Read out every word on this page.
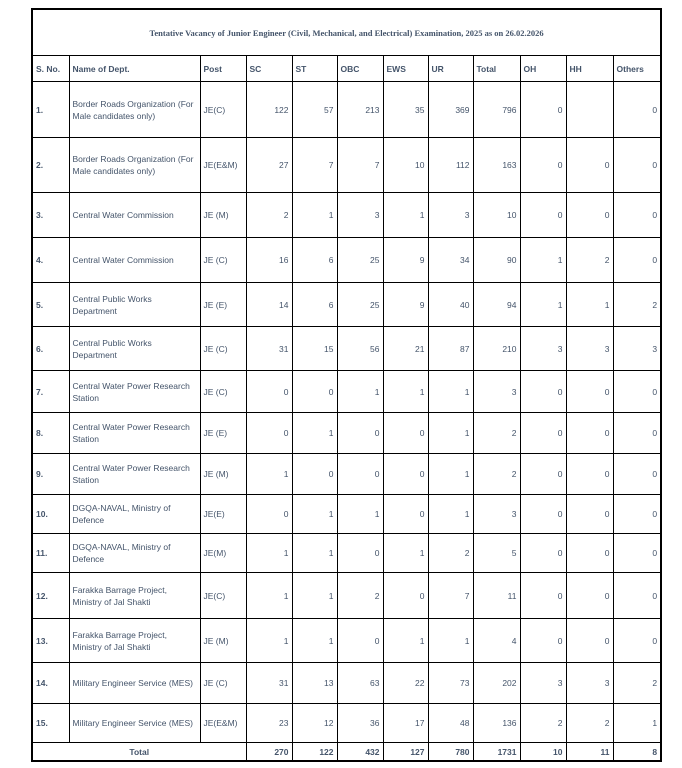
Tentative Vacancy of Junior Engineer (Civil, Mechanical, and Electrical) Examination, 2025 as on 26.02.2026											
S. No.	Name of Dept.	Post	SC	ST	OBC	EWS	UR	Total	OH	HH	Others
1.	Border Roads Organization (For Male candidates only)	JE(C)	122	57	213	35	369	796	0		0
2.	Border Roads Organization (For Male candidates only)	JE(E&M)	27	7	7	10	112	163	0	0	0
3.	Central Water Commission	JE (M)	2	1	3	1	3	10	0	0	0
4.	Central Water Commission	JE (C)	16	6	25	9	34	90	1	2	0
5.	Central Public Works Department	JE (E)	14	6	25	9	40	94	1	1	2
6.	Central Public Works Department	JE (C)	31	15	56	21	87	210	3	3	3
7.	Central Water Power Research Station	JE (C)	0	0	1	1	1	3	0	0	0
8.	Central Water Power Research Station	JE (E)	0	1	0	0	1	2	0	0	0
9.	Central Water Power Research Station	JE (M)	1	0	0	0	1	2	0	0	0
10.	DGQA-NAVAL, Ministry of Defence	JE(E)	0	1	1	0	1	3	0	0	0
11.	DGQA-NAVAL, Ministry of Defence	JE(M)	1	1	0	1	2	5	0	0	0
12.	Farakka Barrage Project, Ministry of Jal Shakti	JE(C)	1	1	2	0	7	11	0	0	0
13.	Farakka Barrage Project, Ministry of Jal Shakti	JE (M)	1	1	0	1	1	4	0	0	0
14.	Military Engineer Service (MES)	JE (C)	31	13	63	22	73	202	3	3	2
15.	Military Engineer Service (MES)	JE(E&M)	23	12	36	17	48	136	2	2	1
Total			270	122	432	127	780	1731	10	11	8
